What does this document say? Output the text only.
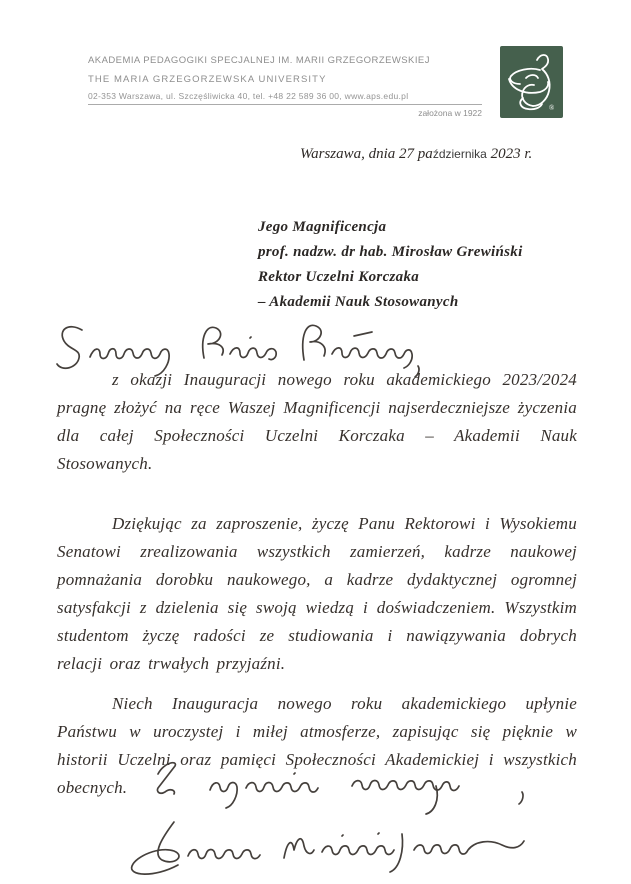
AKADEMIA PEDAGOGIKI SPECJALNEJ IM. MARII GRZEGORZEWSKIEJ
THE MARIA GRZEGORZEWSKA UNIVERSITY
02-353 Warszawa, ul. Szczęśliwicka 40, tel. +48 22 589 36 00, www.aps.edu.pl
założona w 1922	®
Warszawa, dnia 27 października 2023 r.
Jego Magnificencja
prof. nadzw. dr hab. Mirosław Grewiński
Rektor Uczelni Korczaka
– Akademii Nauk Stosowanych

z okazji Inauguracji nowego roku akademickiego 2023/2024 pragnę złożyć na ręce Waszej Magnificencji najserdeczniejsze życzenia dla całej Społeczności Uczelni Korczaka – Akademii Nauk Stosowanych.

Dziękując za zaproszenie, życzę Panu Rektorowi i Wysokiemu Senatowi zrealizowania wszystkich zamierzeń, kadrze naukowej pomnażania dorobku naukowego, a kadrze dydaktycznej ogromnej satysfakcji z dzielenia się swoją wiedzą i doświadczeniem. Wszystkim studentom życzę radości ze studiowania i nawiązywania dobrych relacji oraz trwałych przyjaźni.

Niech Inauguracja nowego roku akademickiego upłynie Państwu w uroczystej i miłej atmosferze, zapisując się pięknie w historii Uczelni oraz pamięci Społeczności Akademickiej i wszystkich obecnych.
